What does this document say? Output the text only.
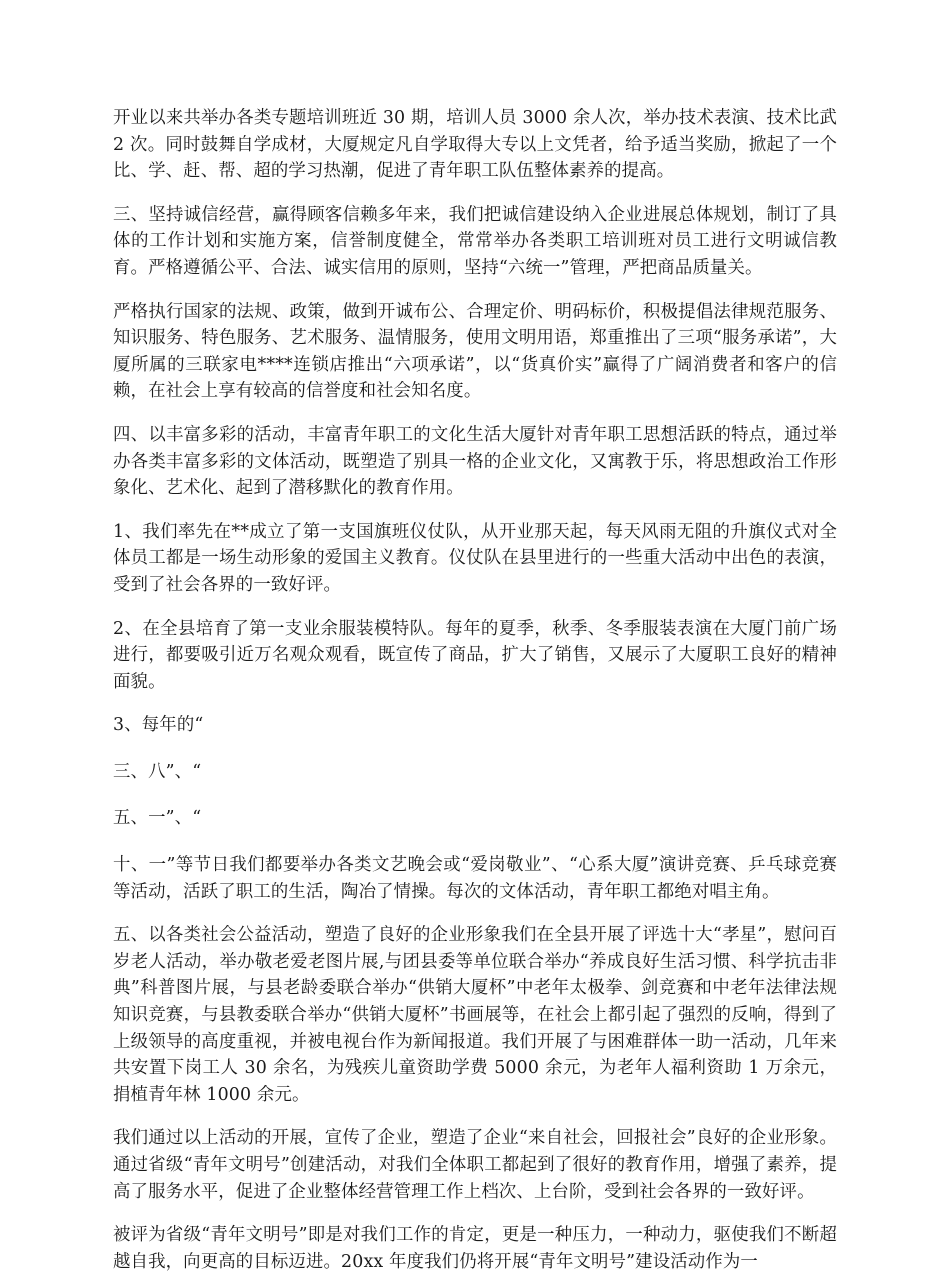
开业以来共举办各类专题培训班近 30 期，培训人员 3000 余人次，举办技术表演、技术比武 2 次。同时鼓舞自学成材，大厦规定凡自学取得大专以上文凭者，给予适当奖励，掀起了一个比、学、赶、帮、超的学习热潮，促进了青年职工队伍整体素养的提高。

三、坚持诚信经营，赢得顾客信赖多年来，我们把诚信建设纳入企业进展总体规划，制订了具体的工作计划和实施方案，信誉制度健全，常常举办各类职工培训班对员工进行文明诚信教育。严格遵循公平、合法、诚实信用的原则，坚持“六统一”管理，严把商品质量关。

严格执行国家的法规、政策，做到开诚布公、合理定价、明码标价，积极提倡法律规范服务、知识服务、特色服务、艺术服务、温情服务，使用文明用语，郑重推出了三项“服务承诺”，大厦所属的三联家电****连锁店推出“六项承诺”，以“货真价实”赢得了广阔消费者和客户的信赖，在社会上享有较高的信誉度和社会知名度。

四、以丰富多彩的活动，丰富青年职工的文化生活大厦针对青年职工思想活跃的特点，通过举办各类丰富多彩的文体活动，既塑造了别具一格的企业文化，又寓教于乐，将思想政治工作形象化、艺术化、起到了潜移默化的教育作用。

1、我们率先在**成立了第一支国旗班仪仗队，从开业那天起，每天风雨无阻的升旗仪式对全体员工都是一场生动形象的爱国主义教育。仪仗队在县里进行的一些重大活动中出色的表演，受到了社会各界的一致好评。

2、在全县培育了第一支业余服装模特队。每年的夏季，秋季、冬季服装表演在大厦门前广场进行，都要吸引近万名观众观看，既宣传了商品，扩大了销售，又展示了大厦职工良好的精神面貌。

3、每年的“

三、八”、“

五、一”、“

十、一”等节日我们都要举办各类文艺晚会或“爱岗敬业”、“心系大厦”演讲竞赛、乒乓球竞赛等活动，活跃了职工的生活，陶冶了情操。每次的文体活动，青年职工都绝对唱主角。

五、以各类社会公益活动，塑造了良好的企业形象我们在全县开展了评选十大“孝星”，慰问百岁老人活动，举办敬老爱老图片展,与团县委等单位联合举办“养成良好生活习惯、科学抗击非典”科普图片展，与县老龄委联合举办“供销大厦杯”中老年太极拳、剑竞赛和中老年法律法规知识竞赛，与县教委联合举办“供销大厦杯”书画展等，在社会上都引起了强烈的反响，得到了上级领导的高度重视，并被电视台作为新闻报道。我们开展了与困难群体一助一活动，几年来共安置下岗工人 30 余名，为残疾儿童资助学费 5000 余元，为老年人福利资助 1 万余元，捐植青年林 1000 余元。

我们通过以上活动的开展，宣传了企业，塑造了企业“来自社会，回报社会”良好的企业形象。通过省级“青年文明号”创建活动，对我们全体职工都起到了很好的教育作用，增强了素养，提高了服务水平，促进了企业整体经营管理工作上档次、上台阶，受到社会各界的一致好评。

被评为省级“青年文明号”即是对我们工作的肯定，更是一种压力，一种动力，驱使我们不断超越自我，向更高的目标迈进。20xx 年度我们仍将开展“青年文明号”建设活动作为一
